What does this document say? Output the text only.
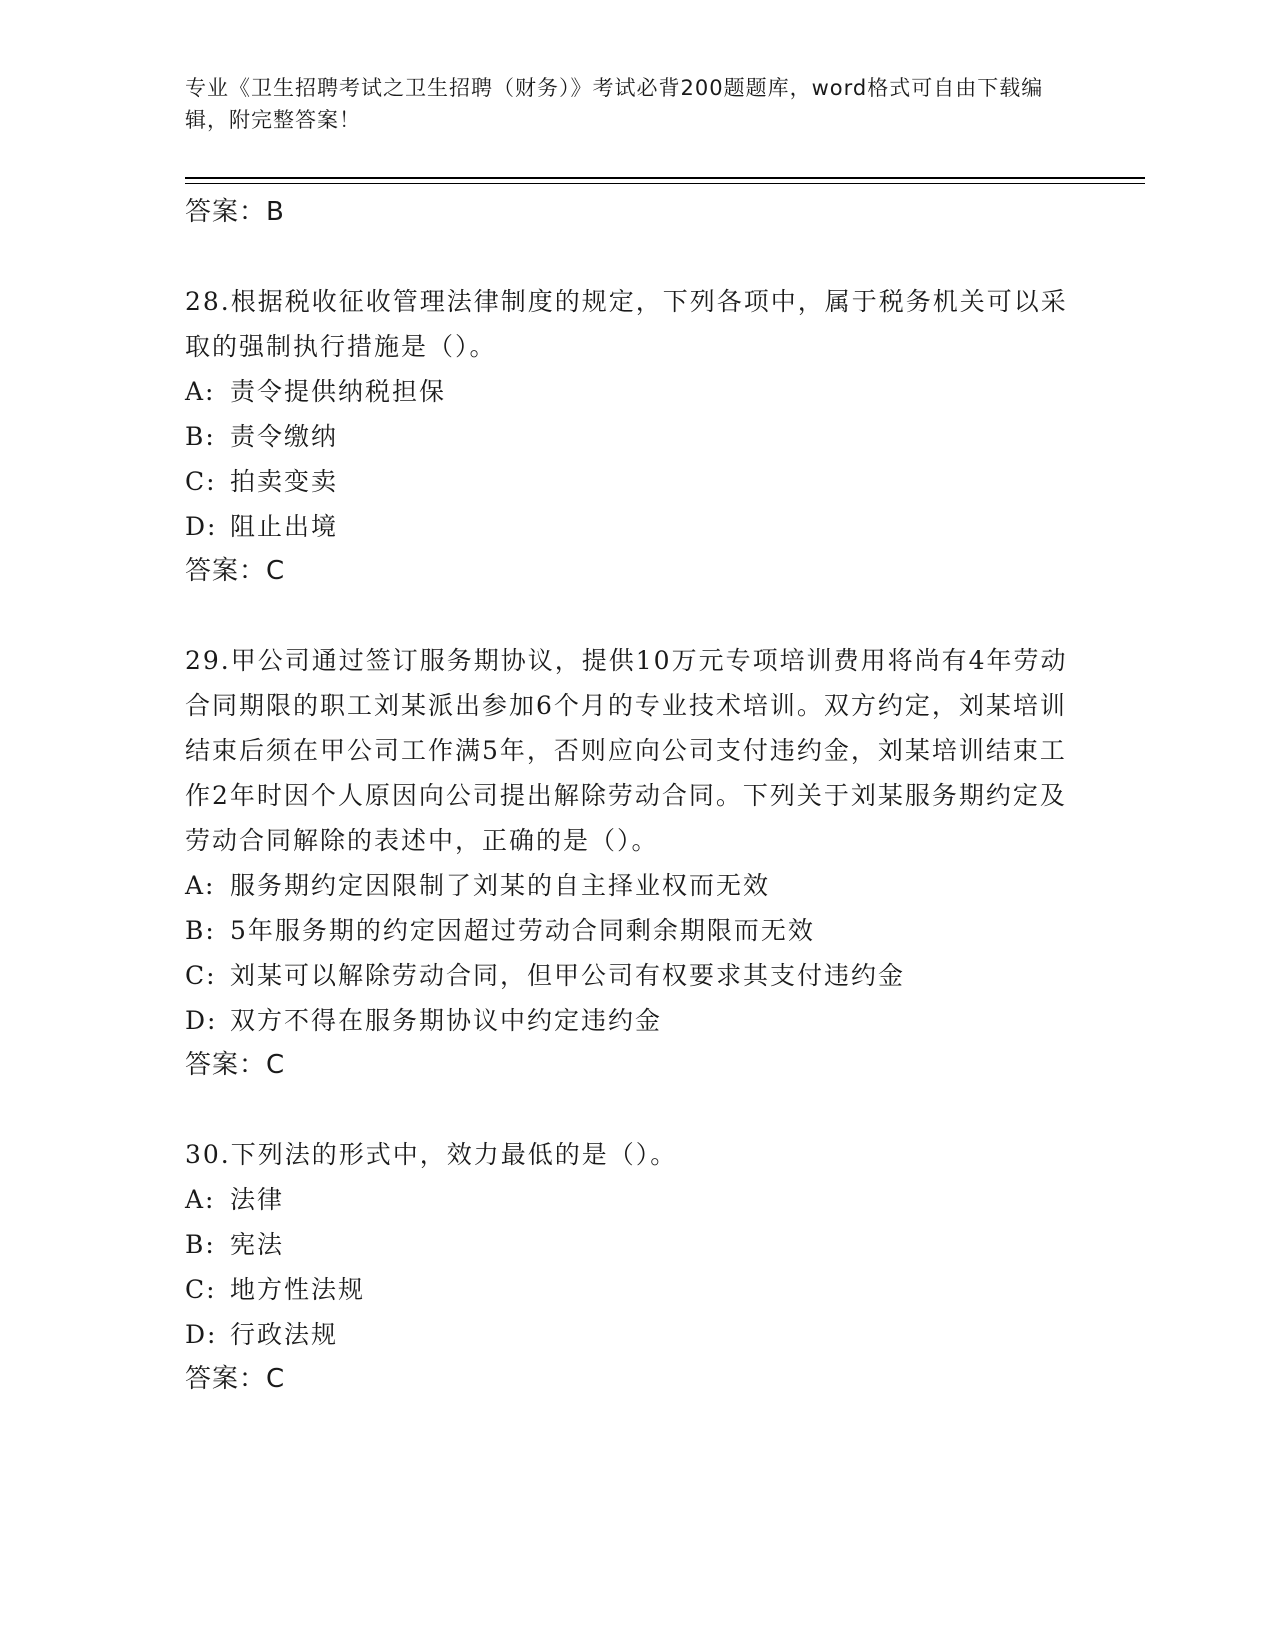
专业《卫生招聘考试之卫生招聘（财务）》考试必背200题题库，word格式可自由下载编辑，附完整答案！

答案：B

28.根据税收征收管理法律制度的规定，下列各项中，属于税务机关可以采取的强制执行措施是（）。

A: 责令提供纳税担保

B: 责令缴纳

C: 拍卖变卖

D: 阻止出境

答案：C

29.甲公司通过签订服务期协议，提供10万元专项培训费用将尚有4年劳动合同期限的职工刘某派出参加6个月的专业技术培训。双方约定，刘某培训结束后须在甲公司工作满5年，否则应向公司支付违约金，刘某培训结束工作2年时因个人原因向公司提出解除劳动合同。下列关于刘某服务期约定及劳动合同解除的表述中，正确的是（）。

A: 服务期约定因限制了刘某的自主择业权而无效

B: 5年服务期的约定因超过劳动合同剩余期限而无效

C: 刘某可以解除劳动合同，但甲公司有权要求其支付违约金

D: 双方不得在服务期协议中约定违约金

答案：C

30.下列法的形式中，效力最低的是（）。

A: 法律

B: 宪法

C: 地方性法规

D: 行政法规

答案：C
